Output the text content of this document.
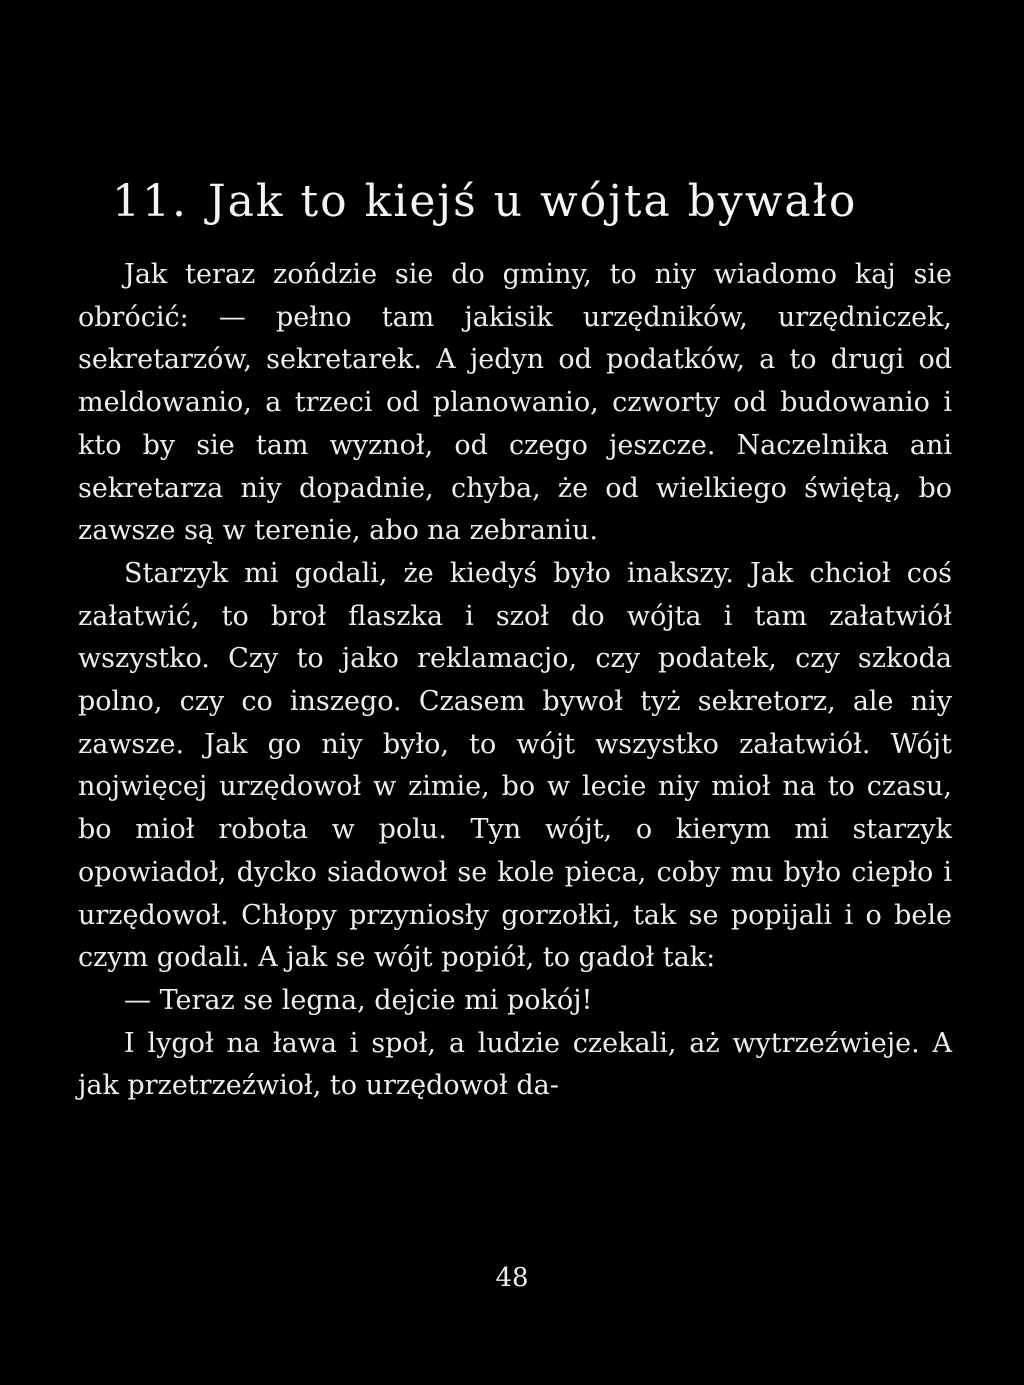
11. Jak to kiejś u wójta bywało

Jak teraz zońdzie sie do gminy, to niy wiadomo kaj sie obrócić: — pełno tam jakisik urzędników, urzędniczek, sekretarzów, sekretarek. A jedyn od podatków, a to drugi od meldowanio, a trzeci od planowanio, czworty od budowanio i kto by sie tam wyznoł, od czego jeszcze. Naczelnika ani sekretarza niy dopadnie, chyba, że od wielkiego świętą, bo zawsze są w terenie, abo na zebraniu.

Starzyk mi godali, że kiedyś było inakszy. Jak chcioł coś załatwić, to broł flaszka i szoł do wójta i tam załatwiół wszystko. Czy to jako reklamacjo, czy podatek, czy szkoda polno, czy co inszego. Czasem bywoł tyż sekretorz, ale niy zawsze. Jak go niy było, to wójt wszystko załatwiół. Wójt nojwięcej urzędowoł w zimie, bo w lecie niy mioł na to czasu, bo mioł robota w polu. Tyn wójt, o kierym mi starzyk opowiadoł, dycko siadowoł se kole pieca, coby mu było ciepło i urzędowoł. Chłopy przyniosły gorzołki, tak se popijali i o bele czym godali. A jak se wójt popiół, to gadoł tak:

— Teraz se legna, dejcie mi pokój!

I lygoł na ława i społ, a ludzie czekali, aż wytrzeźwieje. A jak przetrzeźwioł, to urzędowoł da-

48
